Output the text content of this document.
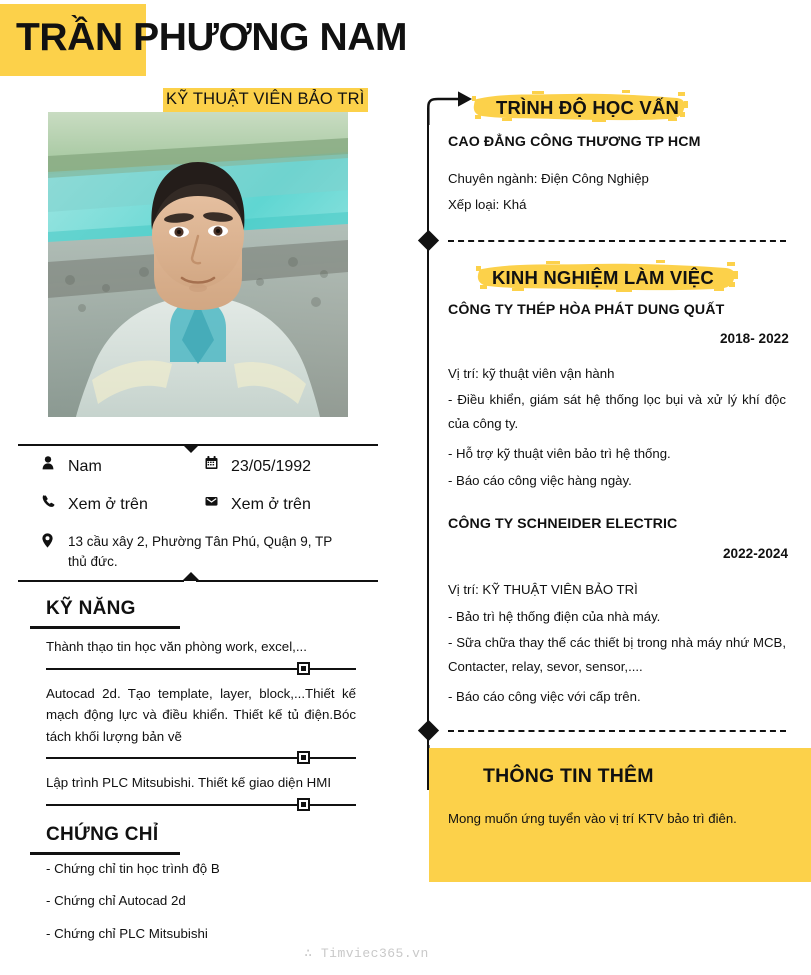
TRẦN PHƯƠNG NAM
KỸ THUẬT VIÊN BẢO TRÌ
Nam	23/05/1992
Xem ở trên	Xem ở trên
13 cầu xây 2, Phường Tân Phú, Quận 9, TP thủ đức.
KỸ NĂNG
Thành thạo tin học văn phòng work, excel,...
Autocad 2d. Tạo template, layer, block,...Thiết kế mạch động lực và điều khiển. Thiết kế tủ điện.Bóc tách khối lượng bản vẽ
Lập trình PLC Mitsubishi. Thiết kế giao diện HMI
CHỨNG CHỈ
- Chứng chỉ tin học trình độ B
- Chứng chỉ Autocad 2d
- Chứng chỉ PLC Mitsubishi
TRÌNH ĐỘ HỌC VẤN
CAO ĐẲNG CÔNG THƯƠNG TP HCM
Chuyên ngành: Điện Công Nghiệp
Xếp loại: Khá
KINH NGHIỆM LÀM VIỆC
CÔNG TY THÉP HÒA PHÁT DUNG QUẤT
2018- 2022
Vị trí: kỹ thuật viên vận hành
- Điều khiển, giám sát hệ thống lọc bụi và xử lý khí độc của công ty.
- Hỗ trợ kỹ thuật viên bảo trì hệ thống.
- Báo cáo công việc hàng ngày.
CÔNG TY SCHNEIDER ELECTRIC
2022-2024
Vị trí: KỸ THUẬT VIÊN BẢO TRÌ
- Bảo trì hệ thống điện của nhà máy.
- Sữa chữa thay thế các thiết bị trong nhà máy nhứ MCB, Contacter, relay, sevor, sensor,....
- Báo cáo công việc với cấp trên.
THÔNG TIN THÊM
Mong muốn ứng tuyển vào vị trí KTV bảo trì điên.
∴ Timviec365.vn
